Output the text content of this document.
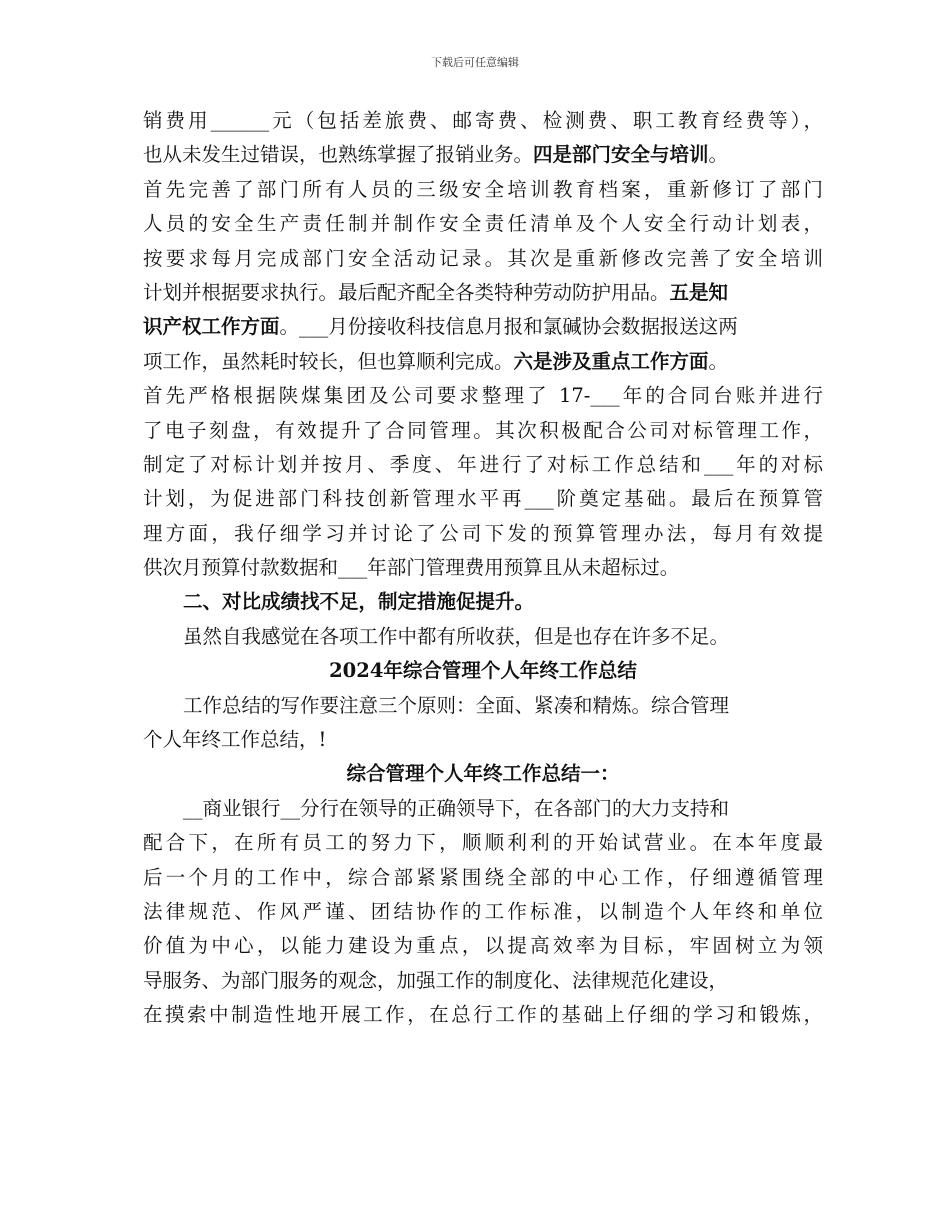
下载后可任意编辑
销费用______元（包括差旅费、邮寄费、检测费、职工教育经费等），
也从未发生过错误，也熟练掌握了报销业务。四是部门安全与培训。
首先完善了部门所有人员的三级安全培训教育档案，重新修订了部门
人员的安全生产责任制并制作安全责任清单及个人安全行动计划表，
按要求每月完成部门安全活动记录。其次是重新修改完善了安全培训
计划并根据要求执行。最后配齐配全各类特种劳动防护用品。五是知
识产权工作方面。___月份接收科技信息月报和氯碱协会数据报送这两
项工作，虽然耗时较长，但也算顺利完成。六是涉及重点工作方面。
首先严格根据陕煤集团及公司要求整理了 17-___年的合同台账并进行
了电子刻盘，有效提升了合同管理。其次积极配合公司对标管理工作，
制定了对标计划并按月、季度、年进行了对标工作总结和___年的对标
计划，为促进部门科技创新管理水平再___阶奠定基础。最后在预算管
理方面，我仔细学习并讨论了公司下发的预算管理办法，每月有效提
供次月预算付款数据和___年部门管理费用预算且从未超标过。
二、对比成绩找不足，制定措施促提升。
虽然自我感觉在各项工作中都有所收获，但是也存在许多不足。
2024年综合管理个人年终工作总结
工作总结的写作要注意三个原则：全面、紧凑和精炼。综合管理
个人年终工作总结，!
综合管理个人年终工作总结一：
__商业银行__分行在领导的正确领导下，在各部门的大力支持和
配合下，在所有员工的努力下，顺顺利利的开始试营业。在本年度最
后一个月的工作中，综合部紧紧围绕全部的中心工作，仔细遵循管理
法律规范、作风严谨、团结协作的工作标准，以制造个人年终和单位
价值为中心，以能力建设为重点，以提高效率为目标，牢固树立为领
导服务、为部门服务的观念，加强工作的制度化、法律规范化建设，
在摸索中制造性地开展工作，在总行工作的基础上仔细的学习和锻炼，
